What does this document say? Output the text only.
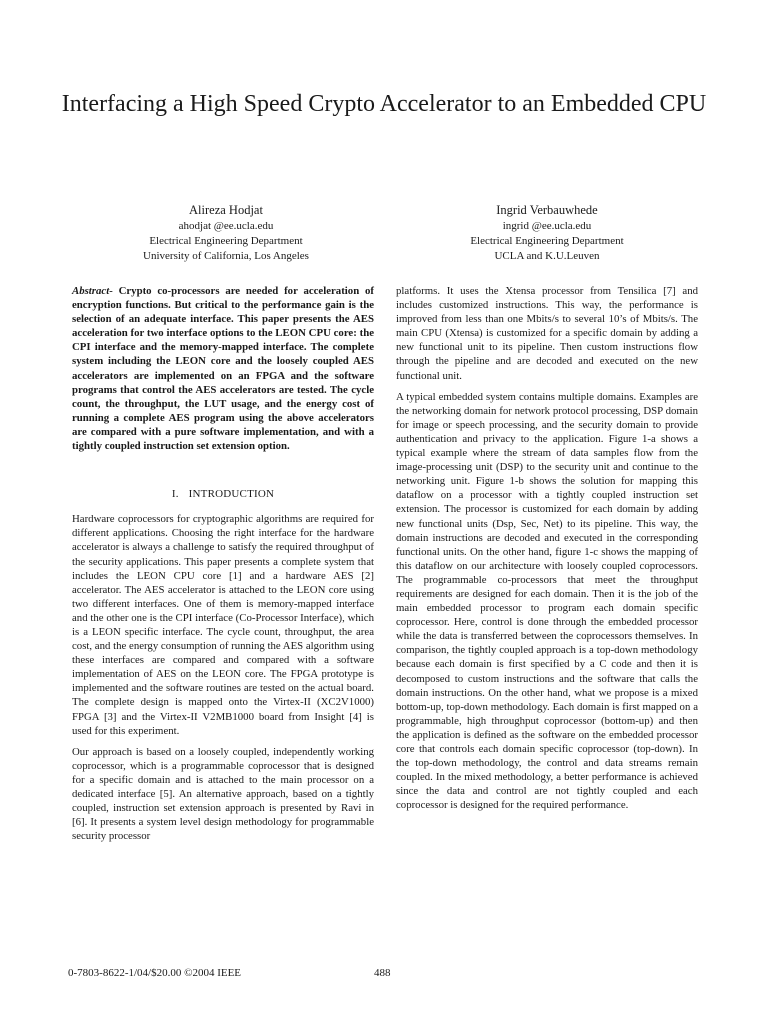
Interfacing a High Speed Crypto Accelerator to an Embedded CPU
Alireza Hodjat
ahodjat @ee.ucla.edu
Electrical Engineering Department
University of California, Los Angeles
Ingrid Verbauwhede
ingrid @ee.ucla.edu
Electrical Engineering Department
UCLA and K.U.Leuven

Abstract- Crypto co-processors are needed for acceleration of encryption functions. But critical to the performance gain is the selection of an adequate interface. This paper presents the AES acceleration for two interface options to the LEON CPU core: the CPI interface and the memory-mapped interface. The complete system including the LEON core and the loosely coupled AES accelerators are implemented on an FPGA and the software programs that control the AES accelerators are tested. The cycle count, the throughput, the LUT usage, and the energy cost of running a complete AES program using the above accelerators are compared with a pure software implementation, and with a tightly coupled instruction set extension option.

I. INTRODUCTION

Hardware coprocessors for cryptographic algorithms are required for different applications. Choosing the right interface for the hardware accelerator is always a challenge to satisfy the required throughput of the security applications. This paper presents a complete system that includes the LEON CPU core [1] and a hardware AES [2] accelerator. The AES accelerator is attached to the LEON core using two different interfaces. One of them is memory-mapped interface and the other one is the CPI interface (Co-Processor Interface), which is a LEON specific interface. The cycle count, throughput, the area cost, and the energy consumption of running the AES algorithm using these interfaces are compared and compared with a software implementation of AES on the LEON core. The FPGA prototype is implemented and the software routines are tested on the actual board. The complete design is mapped onto the Virtex-II (XC2V1000) FPGA [3] and the Virtex-II V2MB1000 board from Insight [4] is used for this experiment.

Our approach is based on a loosely coupled, independently working coprocessor, which is a programmable coprocessor that is designed for a specific domain and is attached to the main processor on a dedicated interface [5]. An alternative approach, based on a tightly coupled, instruction set extension approach is presented by Ravi in [6]. It presents a system level design methodology for programmable security processor

platforms. It uses the Xtensa processor from Tensilica [7] and includes customized instructions. This way, the performance is improved from less than one Mbits/s to several 10’s of Mbits/s. The main CPU (Xtensa) is customized for a specific domain by adding a new functional unit to its pipeline. Then custom instructions flow through the pipeline and are decoded and executed on the new functional unit.

A typical embedded system contains multiple domains. Examples are the networking domain for network protocol processing, DSP domain for image or speech processing, and the security domain to provide authentication and privacy to the application. Figure 1-a shows a typical example where the stream of data samples flow from the image-processing unit (DSP) to the security unit and continue to the networking unit. Figure 1-b shows the solution for mapping this dataflow on a processor with a tightly coupled instruction set extension. The processor is customized for each domain by adding new functional units (Dsp, Sec, Net) to its pipeline. This way, the domain instructions are decoded and executed in the corresponding functional units. On the other hand, figure 1-c shows the mapping of this dataflow on our architecture with loosely coupled coprocessors. The programmable co-processors that meet the throughput requirements are designed for each domain. Then it is the job of the main embedded processor to program each domain specific coprocessor. Here, control is done through the embedded processor while the data is transferred between the coprocessors themselves. In comparison, the tightly coupled approach is a top-down methodology because each domain is first specified by a C code and then it is decomposed to custom instructions and the software that calls the domain instructions. On the other hand, what we propose is a mixed bottom-up, top-down methodology. Each domain is first mapped on a programmable, high throughput coprocessor (bottom-up) and then the application is defined as the software on the embedded processor core that controls each domain specific coprocessor (top-down). In the top-down methodology, the control and data streams remain coupled. In the mixed methodology, a better performance is achieved since the data and control are not tightly coupled and each coprocessor is designed for the required performance.

0-7803-8622-1/04/$20.00 ©2004 IEEE	488
